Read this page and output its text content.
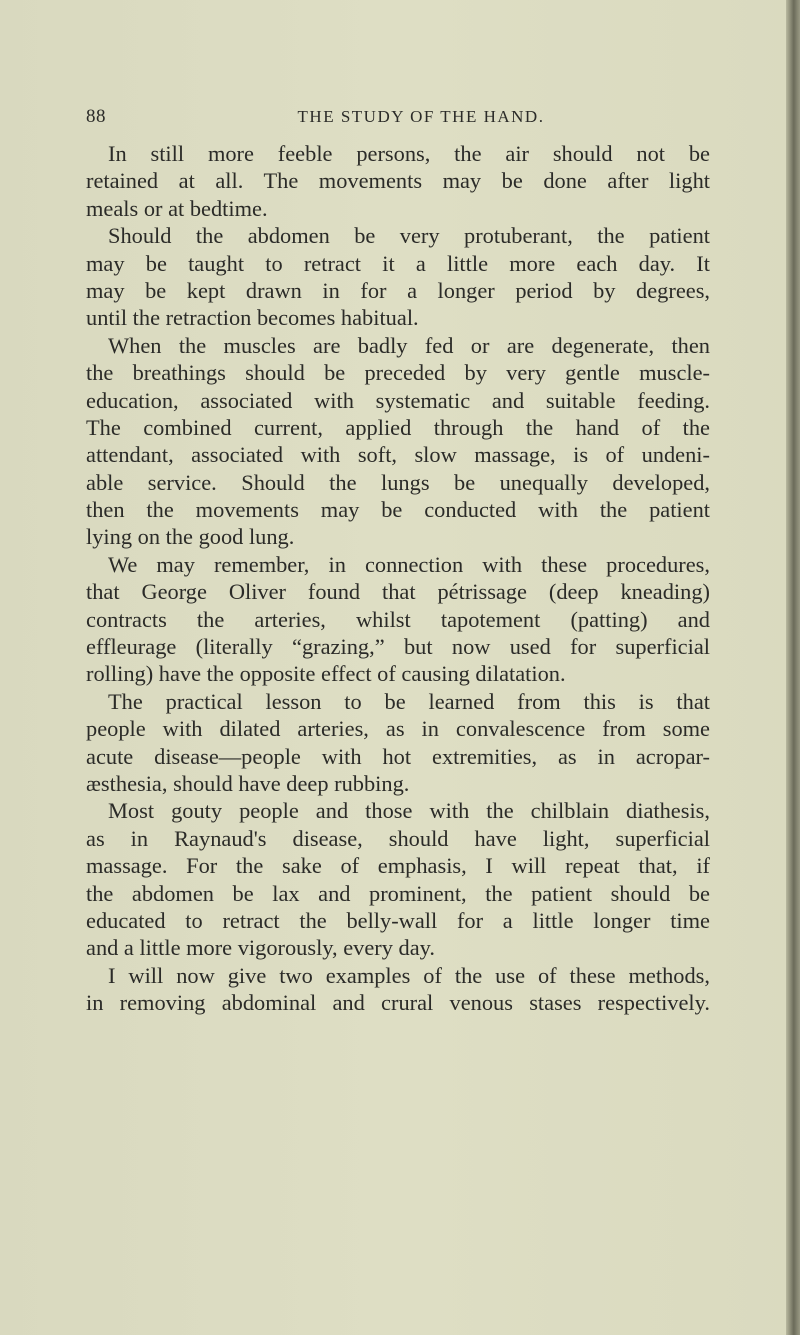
88	THE STUDY OF THE HAND.
In still more feeble persons, the air should not be
retained at all. The movements may be done after light
meals or at bedtime.
Should the abdomen be very protuberant, the patient
may be taught to retract it a little more each day. It
may be kept drawn in for a longer period by degrees,
until the retraction becomes habitual.
When the muscles are badly fed or are degenerate, then
the breathings should be preceded by very gentle muscle-
education, associated with systematic and suitable feeding.
The combined current, applied through the hand of the
attendant, associated with soft, slow massage, is of undeni-
able service. Should the lungs be unequally developed,
then the movements may be conducted with the patient
lying on the good lung.
We may remember, in connection with these procedures,
that George Oliver found that pétrissage (deep kneading)
contracts the arteries, whilst tapotement (patting) and
effleurage (literally “grazing,” but now used for superficial
rolling) have the opposite effect of causing dilatation.
The practical lesson to be learned from this is that
people with dilated arteries, as in convalescence from some
acute disease—people with hot extremities, as in acropar-
æsthesia, should have deep rubbing.
Most gouty people and those with the chilblain diathesis,
as in Raynaud's disease, should have light, superficial
massage. For the sake of emphasis, I will repeat that, if
the abdomen be lax and prominent, the patient should be
educated to retract the belly-wall for a little longer time
and a little more vigorously, every day.
I will now give two examples of the use of these methods,
in removing abdominal and crural venous stases respectively.
